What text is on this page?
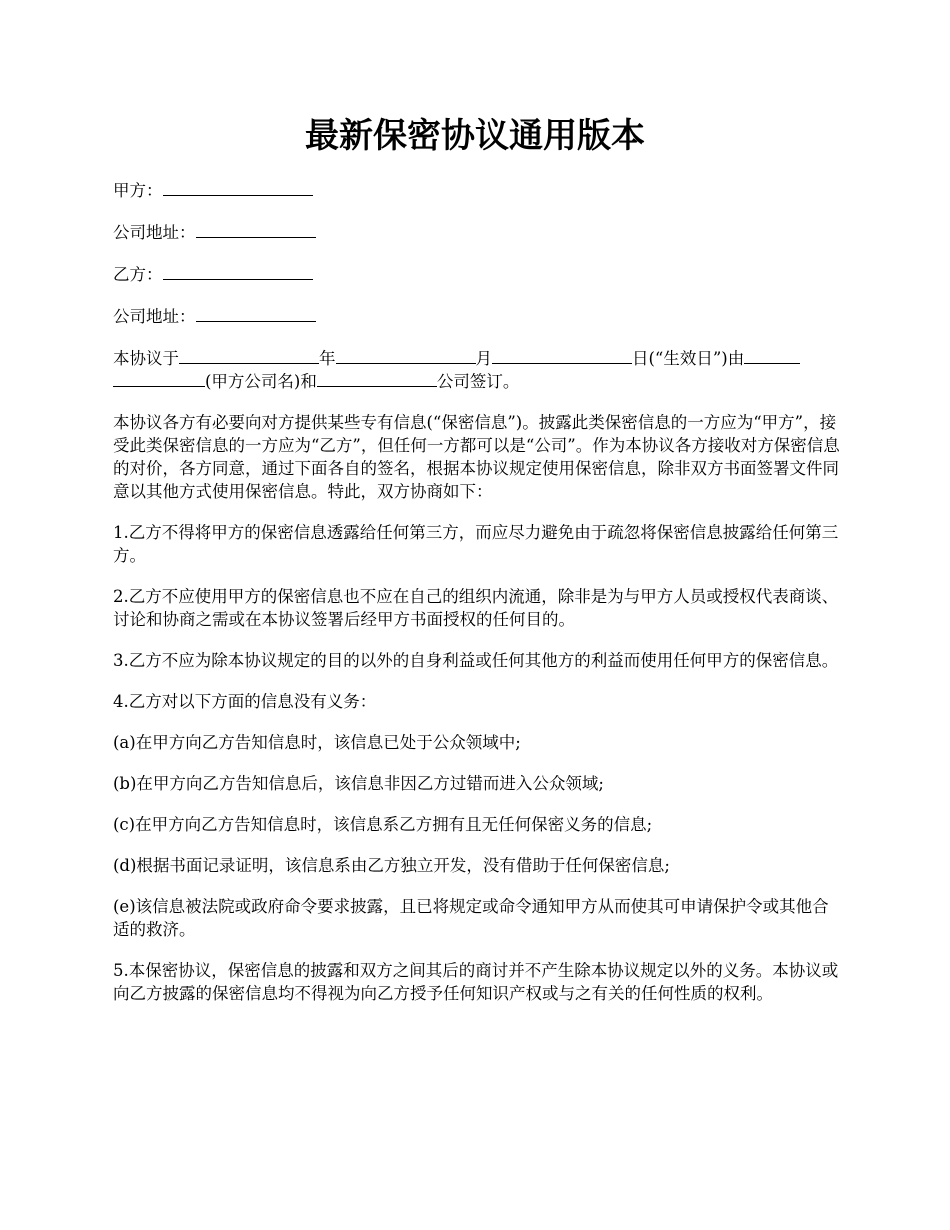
最新保密协议通用版本

甲方：

公司地址：

乙方：

公司地址：

本协议于	年	月	日(“生效日”)由
(甲方公司名)和	公司签订。

本协议各方有必要向对方提供某些专有信息(“保密信息”)。披露此类保密信息的一方应为“甲方”，接受此类保密信息的一方应为“乙方”，但任何一方都可以是“公司”。作为本协议各方接收对方保密信息的对价，各方同意，通过下面各自的签名，根据本协议规定使用保密信息，除非双方书面签署文件同意以其他方式使用保密信息。特此，双方协商如下：

1.乙方不得将甲方的保密信息透露给任何第三方，而应尽力避免由于疏忽将保密信息披露给任何第三方。

2.乙方不应使用甲方的保密信息也不应在自己的组织内流通，除非是为与甲方人员或授权代表商谈、讨论和协商之需或在本协议签署后经甲方书面授权的任何目的。

3.乙方不应为除本协议规定的目的以外的自身利益或任何其他方的利益而使用任何甲方的保密信息。

4.乙方对以下方面的信息没有义务：

(a)在甲方向乙方告知信息时，该信息已处于公众领域中;

(b)在甲方向乙方告知信息后，该信息非因乙方过错而进入公众领域;

(c)在甲方向乙方告知信息时，该信息系乙方拥有且无任何保密义务的信息;

(d)根据书面记录证明，该信息系由乙方独立开发，没有借助于任何保密信息;

(e)该信息被法院或政府命令要求披露，且已将规定或命令通知甲方从而使其可申请保护令或其他合适的救济。

5.本保密协议，保密信息的披露和双方之间其后的商讨并不产生除本协议规定以外的义务。本协议或向乙方披露的保密信息均不得视为向乙方授予任何知识产权或与之有关的任何性质的权利。
